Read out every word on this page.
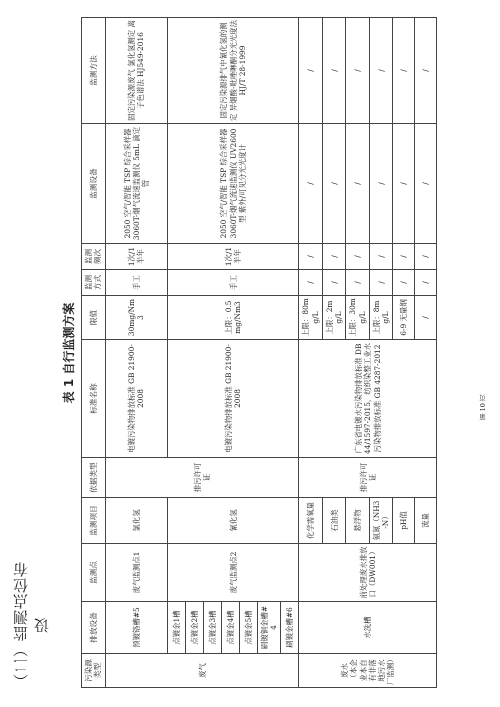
（二）监测点位布设
表 1 自行监测方案
污染源类型	排放设备	监测点	监测项目	依据类型	标准名称	限值	监测方式	监测频次	监测设备	监测方法
废气	预镀铬槽#5	废气监测点1	氯化氢	排污许可证	电镀污染物排放标准 GB 21900-2008	30mg/Nm3	手工	1次/1半年	2050 空气/智能 TSP 综合采样器 3060T-烟气流速监测仪 5mL 滴定管	固定污染源废气 氯化氢测定 离子色谱法 HJ549-2016
	点镀金1槽	废气监测点2	氰化氢		电镀污染物排放标准 GB 21900-2008	上限：0.5mg/Nm3	手工	1次/1半年	2050 空气/智能 TSP 综合采样器 3060T-烟气流速监测仪 UV2600 型 紫外/可见分光光度计	固定污染源排气中氰化氢的测定 异烟酸-吡唑啉酮分光光度法 HJ/T 28-1999
	点镀金2槽									
	点镀金3槽									
	点镀金4槽									
	点镀金5槽									
	刷镀铜金槽#4									
	刷镀金槽#6									
废水（本企业本自有非落地污水厂监测）	水洗槽	前处理废水排放口（DW001）	化学需氧量	排污许可证	广东省电镀水污染物排放标准 DB 44/1597-2015，纺织染整工业水污染物排放标准 GB 4287-2012	上限：80mg/L	/	/	/	/
			石油类			上限：2mg/L	/	/	/	/
			悬浮物			上限：30mg/L	/	/	/	/
			氨氮（NH3-N）			上限：8mg/L	/	/	/	/
			pH值			6-9 无量纲	/	/	/	/
			流量			/	/	/	/	/
第 10 页
